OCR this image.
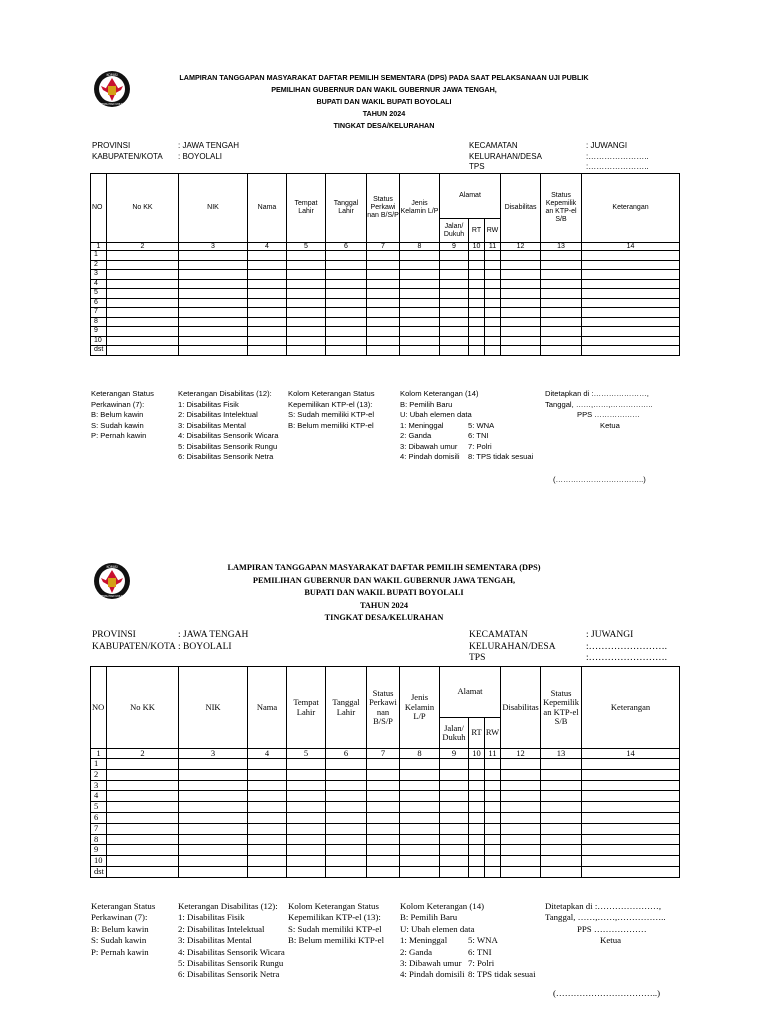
KOMISI
PEMILIHAN UMUM
LAMPIRAN TANGGAPAN MASYARAKAT DAFTAR PEMILIH SEMENTARA (DPS) PADA SAAT PELAKSANAAN UJI PUBLIK
PEMILIHAN GUBERNUR DAN WAKIL GUBERNUR JAWA TENGAH,
BUPATI DAN WAKIL BUPATI BOYOLALI
TAHUN 2024
TINGKAT DESA/KELURAHAN
PROVINSI	: JAWA TENGAH
KABUPATEN/KOTA	: BOYOLALI
KECAMATAN	: JUWANGI
KELURAHAN/DESA	:…………………..
TPS	:…………………..
NO	No KK	NIK	Nama	Tempat Lahir	Tanggal Lahir	Status Perkawi nan B/S/P	Jenis Kelamin L/P	Alamat			Disabilitas	Status Kepemilik an KTP-el S/B	Keterangan
								Jalan/ Dukuh	RT	RW			
1	2	3	4	5	6	7	8	9	10	11	12	13	14
1													
2													
3													
4													
5													
6													
7													
8													
9													
10													
dst													
Keterangan Status
Perkawinan (7):
B: Belum kawin
S: Sudah kawin
P: Pernah kawin
Keterangan Disabilitas (12):
1: Disabilitas Fisik
2: Disabilitas Intelektual
3: Disabilitas Mental
4: Disabilitas Sensorik Wicara
5: Disabilitas Sensorik Rungu
6: Disabilitas Sensorik Netra
Kolom Keterangan Status
Kepemilikan KTP-el (13):
S: Sudah memiliki KTP-el
B: Belum memiliki KTP-el
Kolom Keterangan (14)
B: Pemilih Baru
U: Ubah elemen data
1: Meninggal	5: WNA
2: Ganda	6: TNI
3: Dibawah umur 7: Polri
4: Pindah domisili 8: TPS tidak sesuai
Ditetapkan di :…………………,
Tanggal, ……,……,……………..
PPS ………………
Ketua
(……………………………..)
KOMISI
PEMILIHAN UMUM
LAMPIRAN TANGGAPAN MASYARAKAT DAFTAR PEMILIH SEMENTARA (DPS)
PEMILIHAN GUBERNUR DAN WAKIL GUBERNUR JAWA TENGAH,
BUPATI DAN WAKIL BUPATI BOYOLALI
TAHUN 2024
TINGKAT DESA/KELURAHAN
PROVINSI	: JAWA TENGAH
KABUPATEN/KOTA : BOYOLALI
KECAMATAN	: JUWANGI
KELURAHAN/DESA	:…………………….
TPS	:…………………….
NO	No KK	NIK	Nama	Tempat Lahir	Tanggal Lahir	Status Perkawi nan B/S/P	Jenis Kelamin L/P	Alamat			Disabilitas	Status Kepemilik an KTP-el S/B	Keterangan
								Jalan/ Dukuh	RT	RW			
1	2	3	4	5	6	7	8	9	10	11	12	13	14
1													
2													
3													
4													
5													
6													
7													
8													
9													
10													
dst													
Keterangan Status
Perkawinan (7):
B: Belum kawin
S: Sudah kawin
P: Pernah kawin
Keterangan Disabilitas (12):
1: Disabilitas Fisik
2: Disabilitas Intelektual
3: Disabilitas Mental
4: Disabilitas Sensorik Wicara
5: Disabilitas Sensorik Rungu
6: Disabilitas Sensorik Netra
Kolom Keterangan Status
Kepemilikan KTP-el (13):
S: Sudah memiliki KTP-el
B: Belum memiliki KTP-el
Kolom Keterangan (14)
B: Pemilih Baru
U: Ubah elemen data
1: Meninggal 5: WNA
2: Ganda	6: TNI
3: Dibawah umur 7: Polri
4: Pindah domisili 8: TPS tidak sesuai
Ditetapkan di :…………………,
Tanggal, ……,……,……………..
PPS ………………
Ketua
(……………………………..)
